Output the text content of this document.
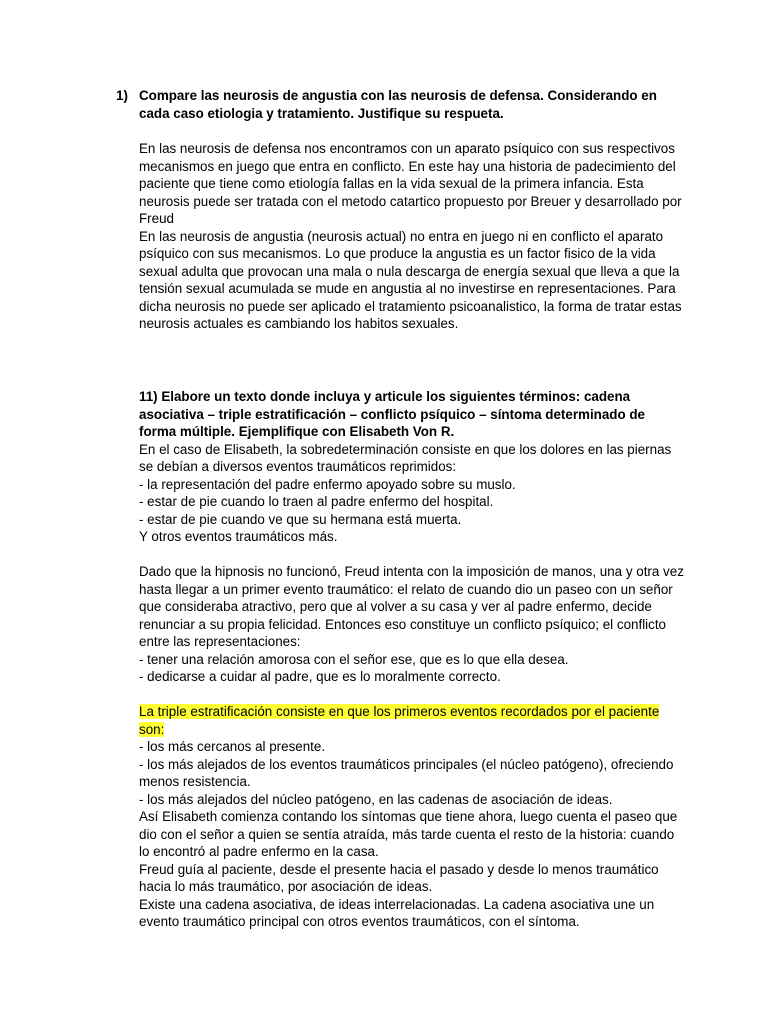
1) Compare las neurosis de angustia con las neurosis de defensa. Considerando en cada caso etiologia y tratamiento. Justifique su respueta.

En las neurosis de defensa nos encontramos con un aparato psíquico con sus respectivos mecanismos en juego que entra en conflicto. En este hay una historia de padecimiento del paciente que tiene como etiología fallas en la vida sexual de la primera infancia. Esta neurosis puede ser tratada con el metodo catartico propuesto por Breuer y desarrollado por Freud

En las neurosis de angustia (neurosis actual) no entra en juego ni en conflicto el aparato psíquico con sus mecanismos. Lo que produce la angustia es un factor fisico de la vida sexual adulta que provocan una mala o nula descarga de energía sexual que lleva a que la tensión sexual acumulada se mude en angustia al no investirse en representaciones. Para dicha neurosis no puede ser aplicado el tratamiento psicoanalistico, la forma de tratar estas neurosis actuales es cambiando los habitos sexuales.

11) Elabore un texto donde incluya y articule los siguientes términos: cadena asociativa – triple estratificación – conflicto psíquico – síntoma determinado de forma múltiple. Ejemplifique con Elisabeth Von R.

En el caso de Elisabeth, la sobredeterminación consiste en que los dolores en las piernas se debían a diversos eventos traumáticos reprimidos:

- la representación del padre enfermo apoyado sobre su muslo.

- estar de pie cuando lo traen al padre enfermo del hospital.

- estar de pie cuando ve que su hermana está muerta.

Y otros eventos traumáticos más.

Dado que la hipnosis no funcionó, Freud intenta con la imposición de manos, una y otra vez hasta llegar a un primer evento traumático: el relato de cuando dio un paseo con un señor que consideraba atractivo, pero que al volver a su casa y ver al padre enfermo, decide renunciar a su propia felicidad. Entonces eso constituye un conflicto psíquico; el conflicto entre las representaciones:

- tener una relación amorosa con el señor ese, que es lo que ella desea.

- dedicarse a cuidar al padre, que es lo moralmente correcto.

La triple estratificación consiste en que los primeros eventos recordados por el paciente son:

- los más cercanos al presente.

- los más alejados de los eventos traumáticos principales (el núcleo patógeno), ofreciendo menos resistencia.

- los más alejados del núcleo patógeno, en las cadenas de asociación de ideas.

Así Elisabeth comienza contando los síntomas que tiene ahora, luego cuenta el paseo que dio con el señor a quien se sentía atraída, más tarde cuenta el resto de la historia: cuando lo encontró al padre enfermo en la casa.

Freud guía al paciente, desde el presente hacia el pasado y desde lo menos traumático hacia lo más traumático, por asociación de ideas.

Existe una cadena asociativa, de ideas interrelacionadas. La cadena asociativa une un evento traumático principal con otros eventos traumáticos, con el síntoma.
